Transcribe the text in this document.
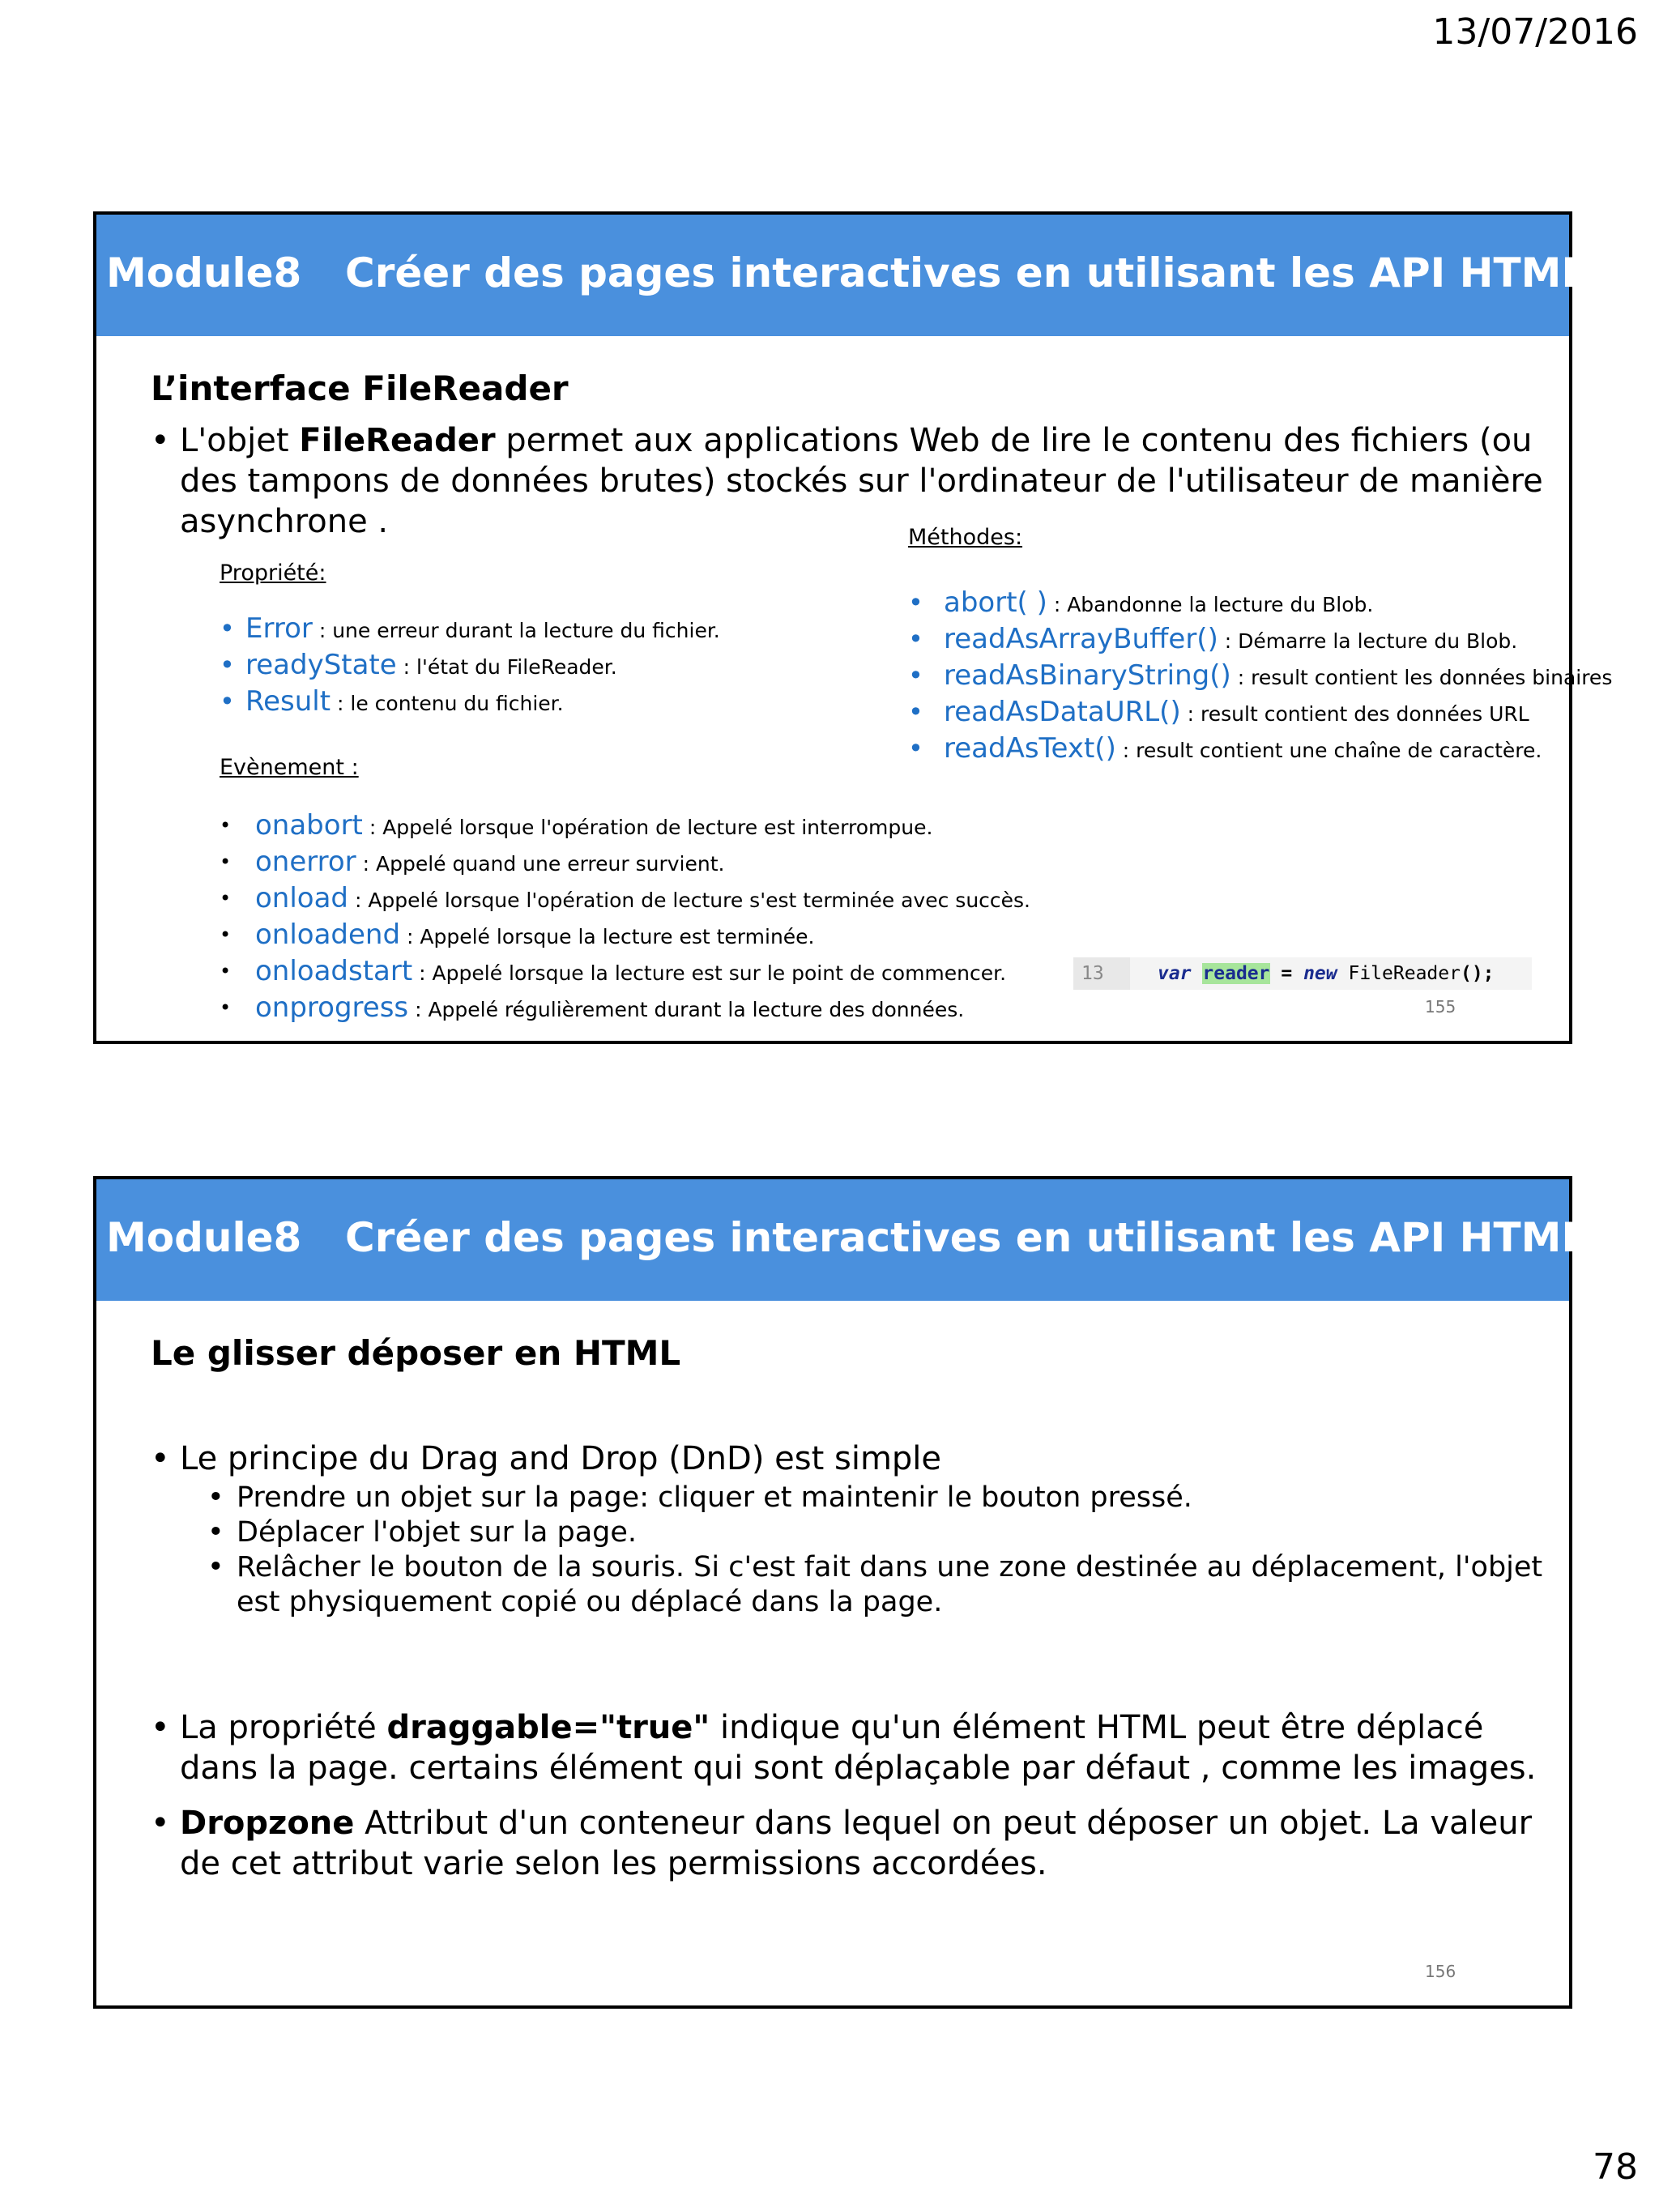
13/07/2016
Module8 Créer des pages interactives en utilisant les API HTML5
L’interface FileReader
• L'objet FileReader permet aux applications Web de lire le contenu des fichiers (ou des tampons de données brutes) stockés sur l'ordinateur de l'utilisateur de manière asynchrone .	Méthodes:
• abort( ) : Abandonne la lecture du Blob.
• readAsArrayBuffer() : Démarre la lecture du Blob.
• readAsBinaryString() : result contient les données binaires
• readAsDataURL() : result contient des données URL
• readAsText() : result contient une chaîne de caractère.
Propriété:
• Error : une erreur durant la lecture du fichier.
• readyState : l'état du FileReader.
• Result : le contenu du fichier.
Evènement :
• onabort : Appelé lorsque l'opération de lecture est interrompue.
• onerror : Appelé quand une erreur survient.
• onload : Appelé lorsque l'opération de lecture s'est terminée avec succès.
• onloadend : Appelé lorsque la lecture est terminée.
• onloadstart : Appelé lorsque la lecture est sur le point de commencer.
• onprogress : Appelé régulièrement durant la lecture des données.
13	var reader = new FileReader();
155
Module8 Créer des pages interactives en utilisant les API HTML5
Le glisser déposer en HTML
• Le principe du Drag and Drop (DnD) est simple
• Prendre un objet sur la page: cliquer et maintenir le bouton pressé.
• Déplacer l'objet sur la page.
• Relâcher le bouton de la souris. Si c'est fait dans une zone destinée au déplacement, l'objet est physiquement copié ou déplacé dans la page.
• La propriété draggable="true" indique qu'un élément HTML peut être déplacé dans la page. certains élément qui sont déplaçable par défaut , comme les images.
• Dropzone Attribut d'un conteneur dans lequel on peut déposer un objet. La valeur de cet attribut varie selon les permissions accordées.
156
78
